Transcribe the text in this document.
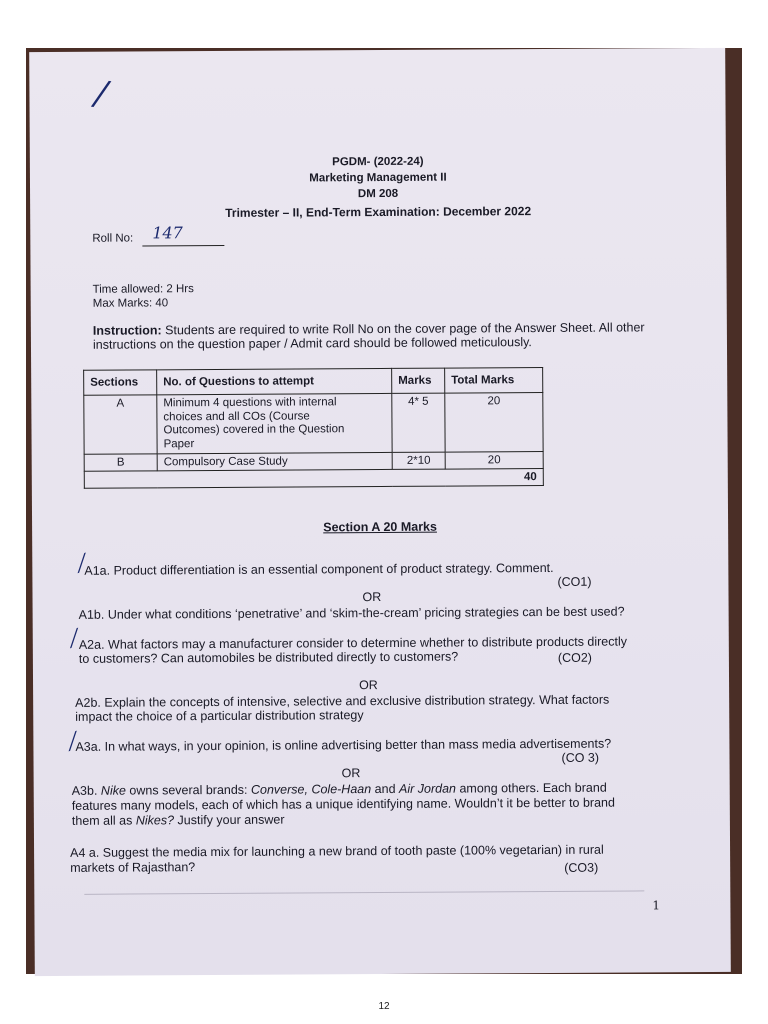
/
PGDM- (2022-24)
Marketing Management II
DM 208
Trimester – II, End-Term Examination: December 2022
Roll No: 147
Time allowed: 2 Hrs
Max Marks: 40
Instruction: Students are required to write Roll No on the cover page of the Answer Sheet. All other
instructions on the question paper / Admit card should be followed meticulously.
Sections	No. of Questions to attempt	Marks	Total Marks
A	Minimum 4 questions with internal
choices and all COs (Course
Outcomes) covered in the Question
Paper	4* 5	20
B	Compulsory Case Study	2*10	20
40			
Section A 20 Marks
A1a. Product differentiation is an essential component of product strategy. Comment.
⁄
(CO1)
OR
A1b. Under what conditions ‘penetrative’ and ‘skim-the-cream’ pricing strategies can be best used?
A2a. What factors may a manufacturer consider to determine whether to distribute products directly
⁄
to customers? Can automobiles be distributed directly to customers?	(CO2)
OR
A2b. Explain the concepts of intensive, selective and exclusive distribution strategy. What factors
impact the choice of a particular distribution strategy
A3a. In what ways, in your opinion, is online advertising better than mass media advertisements?
⁄
(CO 3)
OR
A3b. Nike owns several brands: Converse, Cole-Haan and Air Jordan among others. Each brand
features many models, each of which has a unique identifying name. Wouldn’t it be better to brand
them all as Nikes? Justify your answer
A4 a. Suggest the media mix for launching a new brand of tooth paste (100% vegetarian) in rural
markets of Rajasthan?	(CO3)
1
12
